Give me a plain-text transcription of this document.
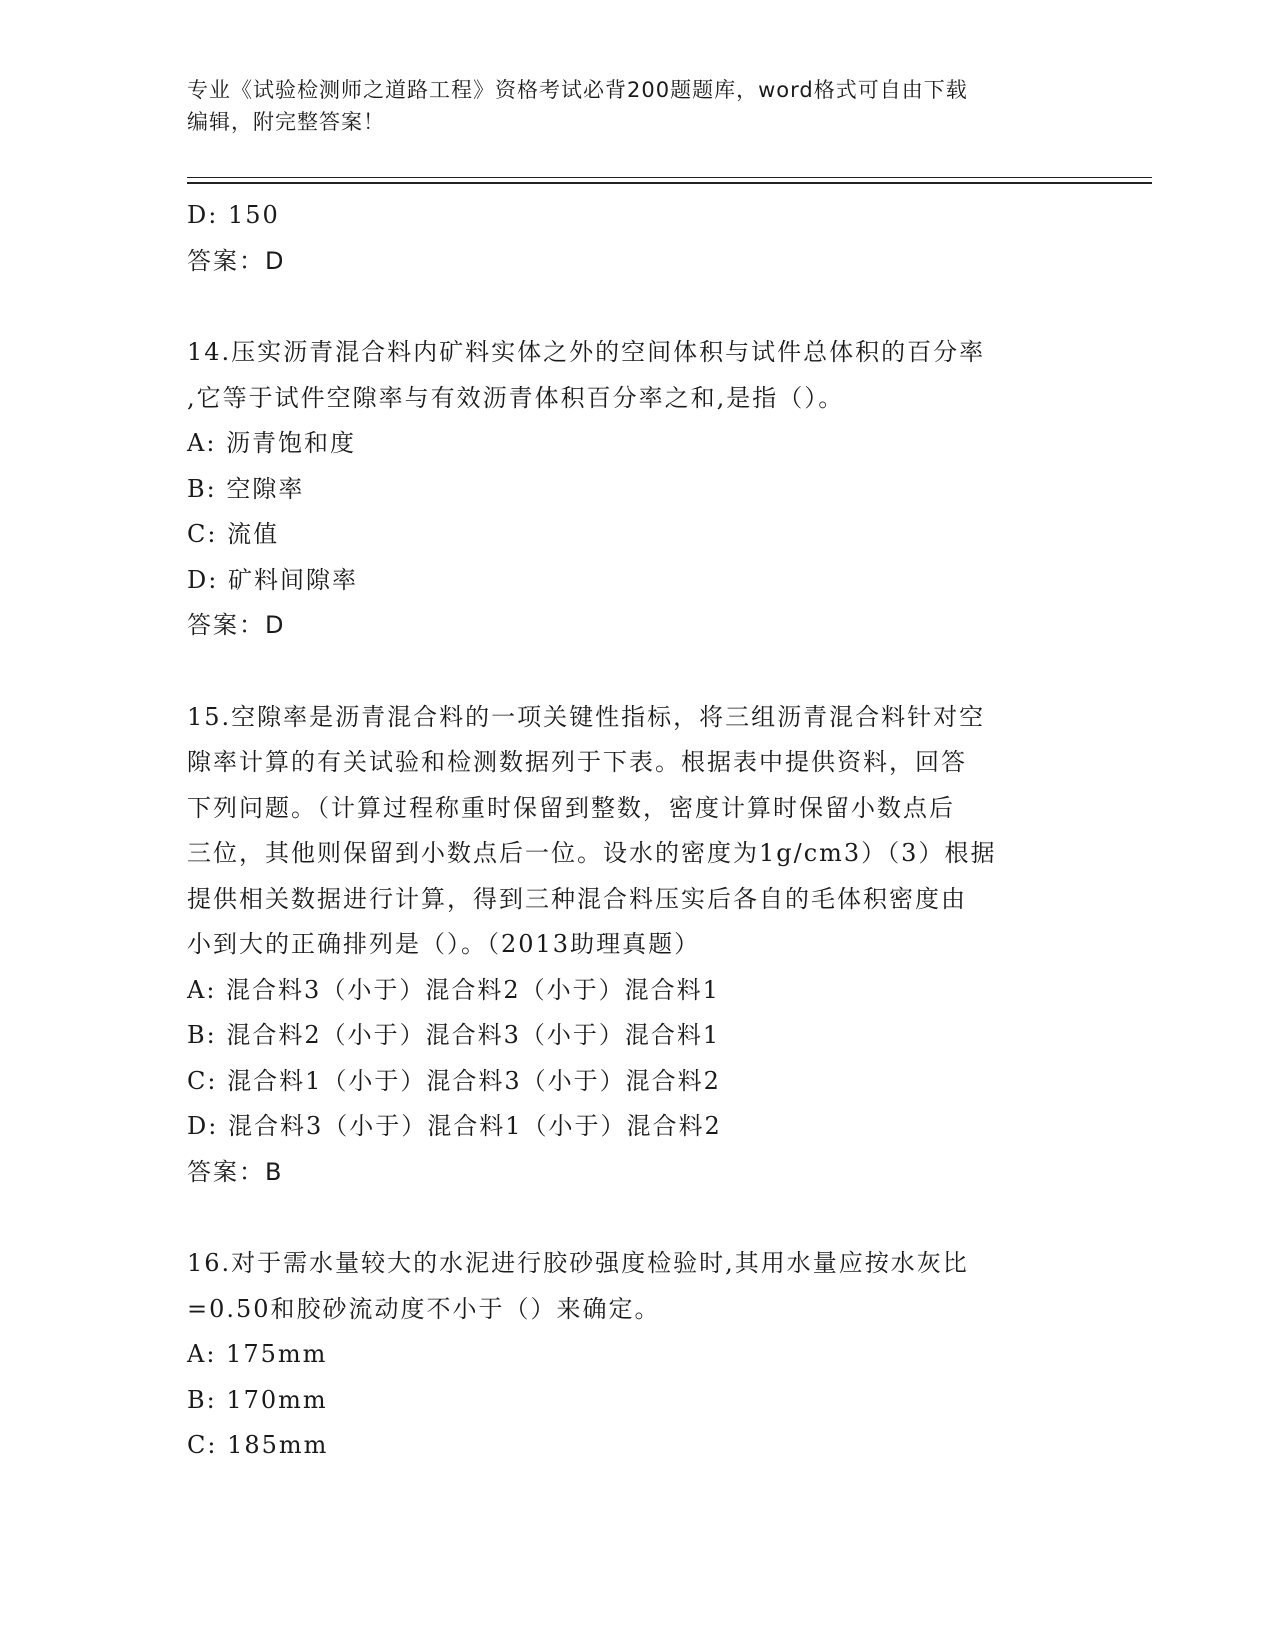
专业《试验检测师之道路工程》资格考试必背200题题库，word格式可自由下载
编辑，附完整答案！
D: 150
答案：D
14.压实沥青混合料内矿料实体之外的空间体积与试件总体积的百分率
,它等于试件空隙率与有效沥青体积百分率之和,是指（）。
A: 沥青饱和度
B: 空隙率
C: 流值
D: 矿料间隙率
答案：D
15.空隙率是沥青混合料的一项关键性指标，将三组沥青混合料针对空
隙率计算的有关试验和检测数据列于下表。根据表中提供资料，回答
下列问题。（计算过程称重时保留到整数，密度计算时保留小数点后
三位，其他则保留到小数点后一位。设水的密度为1g/cm3）（3）根据
提供相关数据进行计算，得到三种混合料压实后各自的毛体积密度由
小到大的正确排列是（）。（2013助理真题）
A: 混合料3（小于）混合料2（小于）混合料1
B: 混合料2（小于）混合料3（小于）混合料1
C: 混合料1（小于）混合料3（小于）混合料2
D: 混合料3（小于）混合料1（小于）混合料2
答案：B
16.对于需水量较大的水泥进行胶砂强度检验时,其用水量应按水灰比
=0.50和胶砂流动度不小于（）来确定。
A: 175mm
B: 170mm
C: 185mm
